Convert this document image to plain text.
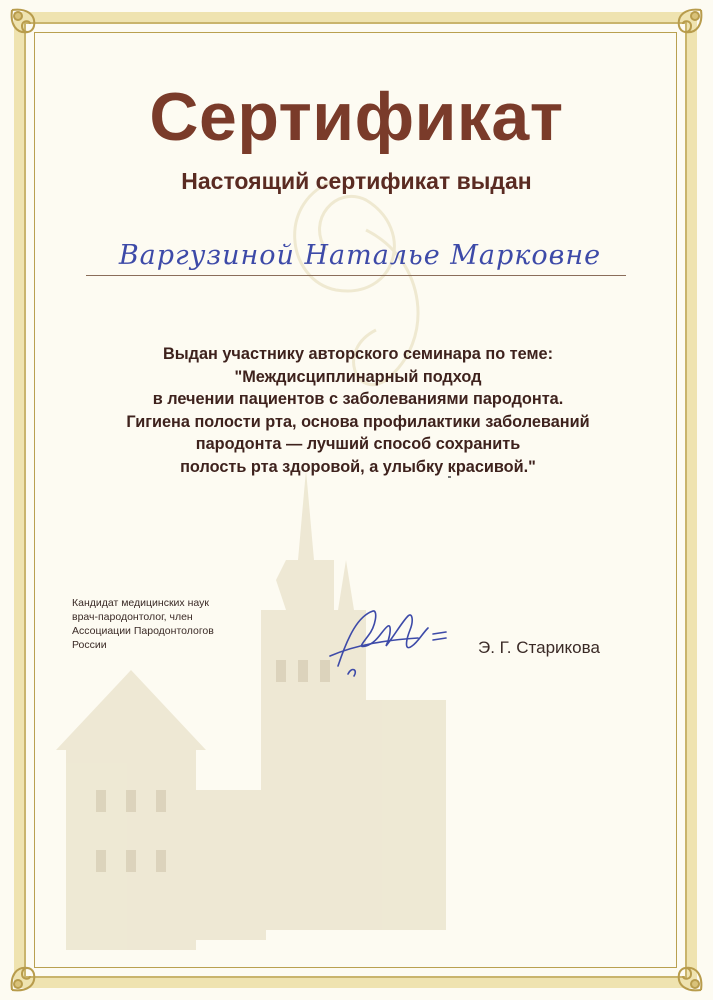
Сертификат
Настоящий сертификат выдан
Варгузиной Наталье Марковне
Выдан участнику авторского семинара по теме:
"Междисциплинарный подход
в лечении пациентов с заболеваниями пародонта.
Гигиена полости рта, основа профилактики заболеваний
пародонта — лучший способ сохранить
полость рта здоровой, а улыбку красивой."
Кандидат медицинских наук
врач-пародонтолог, член
Ассоциации Пародонтологов
России	Э. Г. Старикова
